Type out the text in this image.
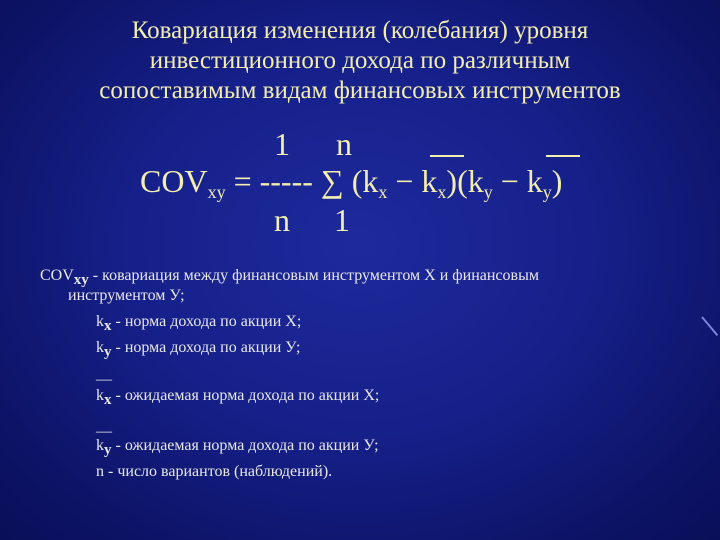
Ковариация изменения (колебания) уровня
инвестиционного дохода по различным
сопоставимым видам финансовых инструментов
1 n
COVxy = ----- ∑ (kx − kx)(ky − ky)
n 1
COVxy - ковариация между финансовым инструментом X и финансовым
инструментом У;
kx - норма дохода по акции X;
ky - норма дохода по акции У;
—
kx - ожидаемая норма дохода по акции X;
—
ky - ожидаемая норма дохода по акции У;
n - число вариантов (наблюдений).
